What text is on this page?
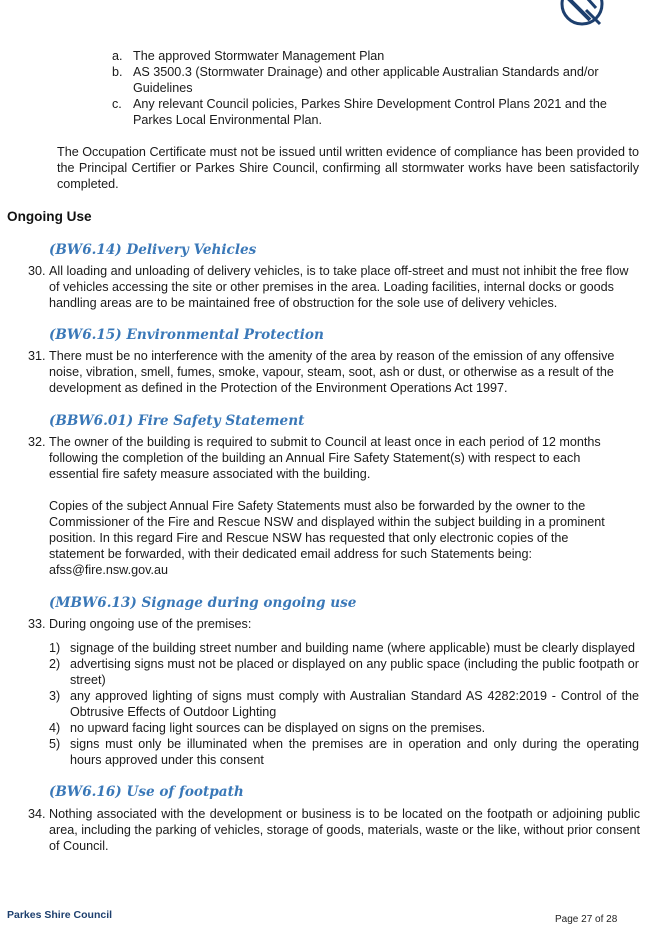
a. The approved Stormwater Management Plan
b. AS 3500.3 (Stormwater Drainage) and other applicable Australian Standards and/or Guidelines
c. Any relevant Council policies, Parkes Shire Development Control Plans 2021 and the Parkes Local Environmental Plan.

The Occupation Certificate must not be issued until written evidence of compliance has been provided to the Principal Certifier or Parkes Shire Council, confirming all stormwater works have been satisfactorily completed.

Ongoing Use
(BW6.14) Delivery Vehicles
30. All loading and unloading of delivery vehicles, is to take place off-street and must not inhibit the free flow of vehicles accessing the site or other premises in the area. Loading facilities, internal docks or goods handling areas are to be maintained free of obstruction for the sole use of delivery vehicles.

(BW6.15) Environmental Protection
31. There must be no interference with the amenity of the area by reason of the emission of any offensive noise, vibration, smell, fumes, smoke, vapour, steam, soot, ash or dust, or otherwise as a result of the development as defined in the Protection of the Environment Operations Act 1997.

(BBW6.01) Fire Safety Statement
32. The owner of the building is required to submit to Council at least once in each period of 12 months following the completion of the building an Annual Fire Safety Statement(s) with respect to each essential fire safety measure associated with the building.

Copies of the subject Annual Fire Safety Statements must also be forwarded by the owner to the Commissioner of the Fire and Rescue NSW and displayed within the subject building in a prominent position. In this regard Fire and Rescue NSW has requested that only electronic copies of the statement be forwarded, with their dedicated email address for such Statements being: afss@fire.nsw.gov.au

(MBW6.13) Signage during ongoing use
33. During ongoing use of the premises:

1) signage of the building street number and building name (where applicable) must be clearly displayed
2) advertising signs must not be placed or displayed on any public space (including the public footpath or street)
3) any approved lighting of signs must comply with Australian Standard AS 4282:2019 - Control of the Obtrusive Effects of Outdoor Lighting
4) no upward facing light sources can be displayed on signs on the premises.
5) signs must only be illuminated when the premises are in operation and only during the operating hours approved under this consent
(BW6.16) Use of footpath
34. Nothing associated with the development or business is to be located on the footpath or adjoining public area, including the parking of vehicles, storage of goods, materials, waste or the like, without prior consent of Council.

Parkes Shire Council	Page 27 of 28
